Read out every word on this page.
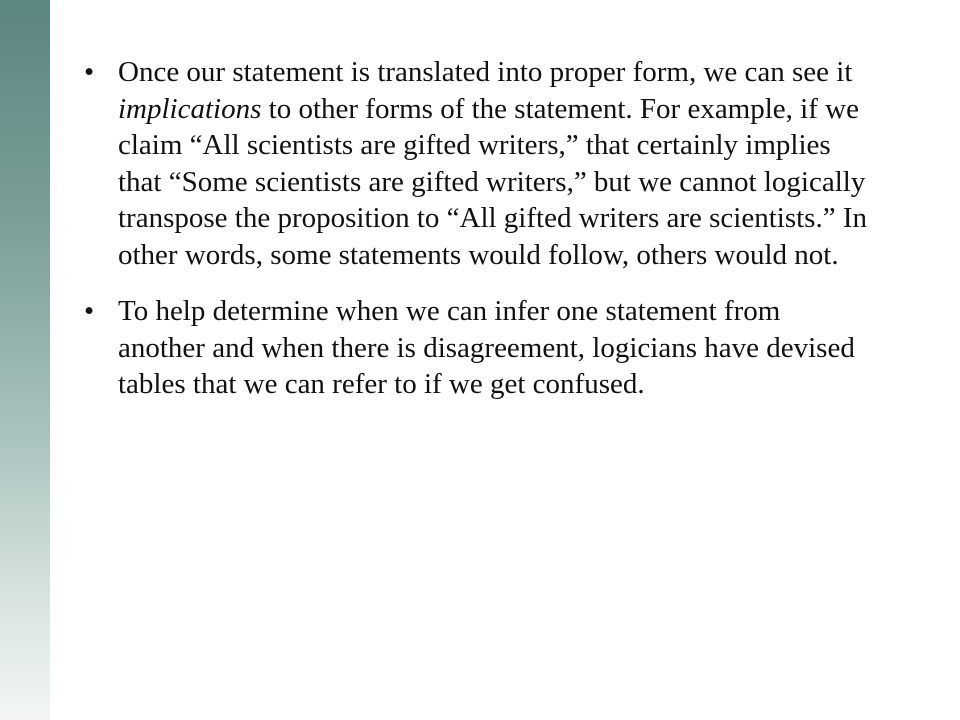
• Once our statement is translated into proper form, we can see it implications to other forms of the statement. For example, if we claim “All scientists are gifted writers,” that certainly implies that “Some scientists are gifted writers,” but we cannot logically transpose the proposition to “All gifted writers are scientists.” In other words, some statements would follow, others would not.
• To help determine when we can infer one statement from another and when there is disagreement, logicians have devised tables that we can refer to if we get confused.
